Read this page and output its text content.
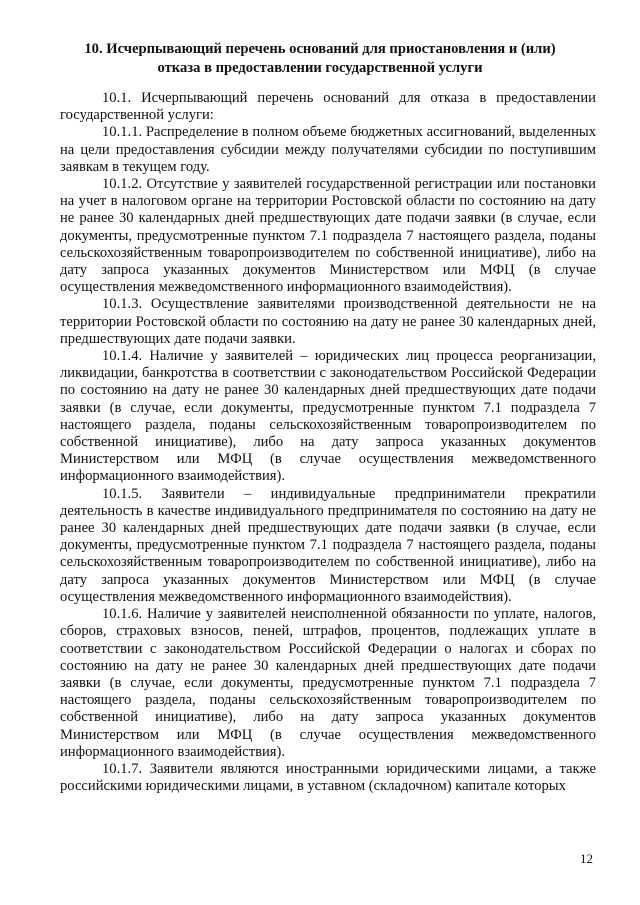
10. Исчерпывающий перечень оснований для приостановления и (или)
отказа в предоставлении государственной услуги

10.1. Исчерпывающий перечень оснований для отказа в предоставлении государственной услуги:

10.1.1. Распределение в полном объеме бюджетных ассигнований, выделенных на цели предоставления субсидии между получателями субсидии по поступившим заявкам в текущем году.

10.1.2. Отсутствие у заявителей государственной регистрации или постановки на учет в налоговом органе на территории Ростовской области по состоянию на дату не ранее 30 календарных дней предшествующих дате подачи заявки (в случае, если документы, предусмотренные пунктом 7.1 подраздела 7 настоящего раздела, поданы сельскохозяйственным товаропроизводителем по собственной инициативе), либо на дату запроса указанных документов Министерством или МФЦ (в случае осуществления межведомственного информационного взаимодействия).

10.1.3. Осуществление заявителями производственной деятельности не на территории Ростовской области по состоянию на дату не ранее 30 календарных дней, предшествующих дате подачи заявки.

10.1.4. Наличие у заявителей – юридических лиц процесса реорганизации, ликвидации, банкротства в соответствии с законодательством Российской Федерации по состоянию на дату не ранее 30 календарных дней предшествующих дате подачи заявки (в случае, если документы, предусмотренные пунктом 7.1 подраздела 7 настоящего раздела, поданы сельскохозяйственным товаропроизводителем по собственной инициативе), либо на дату запроса указанных документов Министерством или МФЦ (в случае осуществления межведомственного информационного взаимодействия).

10.1.5. Заявители – индивидуальные предприниматели прекратили деятельность в качестве индивидуального предпринимателя по состоянию на дату не ранее 30 календарных дней предшествующих дате подачи заявки (в случае, если документы, предусмотренные пунктом 7.1 подраздела 7 настоящего раздела, поданы сельскохозяйственным товаропроизводителем по собственной инициативе), либо на дату запроса указанных документов Министерством или МФЦ (в случае осуществления межведомственного информационного взаимодействия).

10.1.6. Наличие у заявителей неисполненной обязанности по уплате, налогов, сборов, страховых взносов, пеней, штрафов, процентов, подлежащих уплате в соответствии с законодательством Российской Федерации о налогах и сборах по состоянию на дату не ранее 30 календарных дней предшествующих дате подачи заявки (в случае, если документы, предусмотренные пунктом 7.1 подраздела 7 настоящего раздела, поданы сельскохозяйственным товаропроизводителем по собственной инициативе), либо на дату запроса указанных документов Министерством или МФЦ (в случае осуществления межведомственного информационного взаимодействия).

10.1.7. Заявители являются иностранными юридическими лицами, а также российскими юридическими лицами, в уставном (складочном) капитале которых

12
